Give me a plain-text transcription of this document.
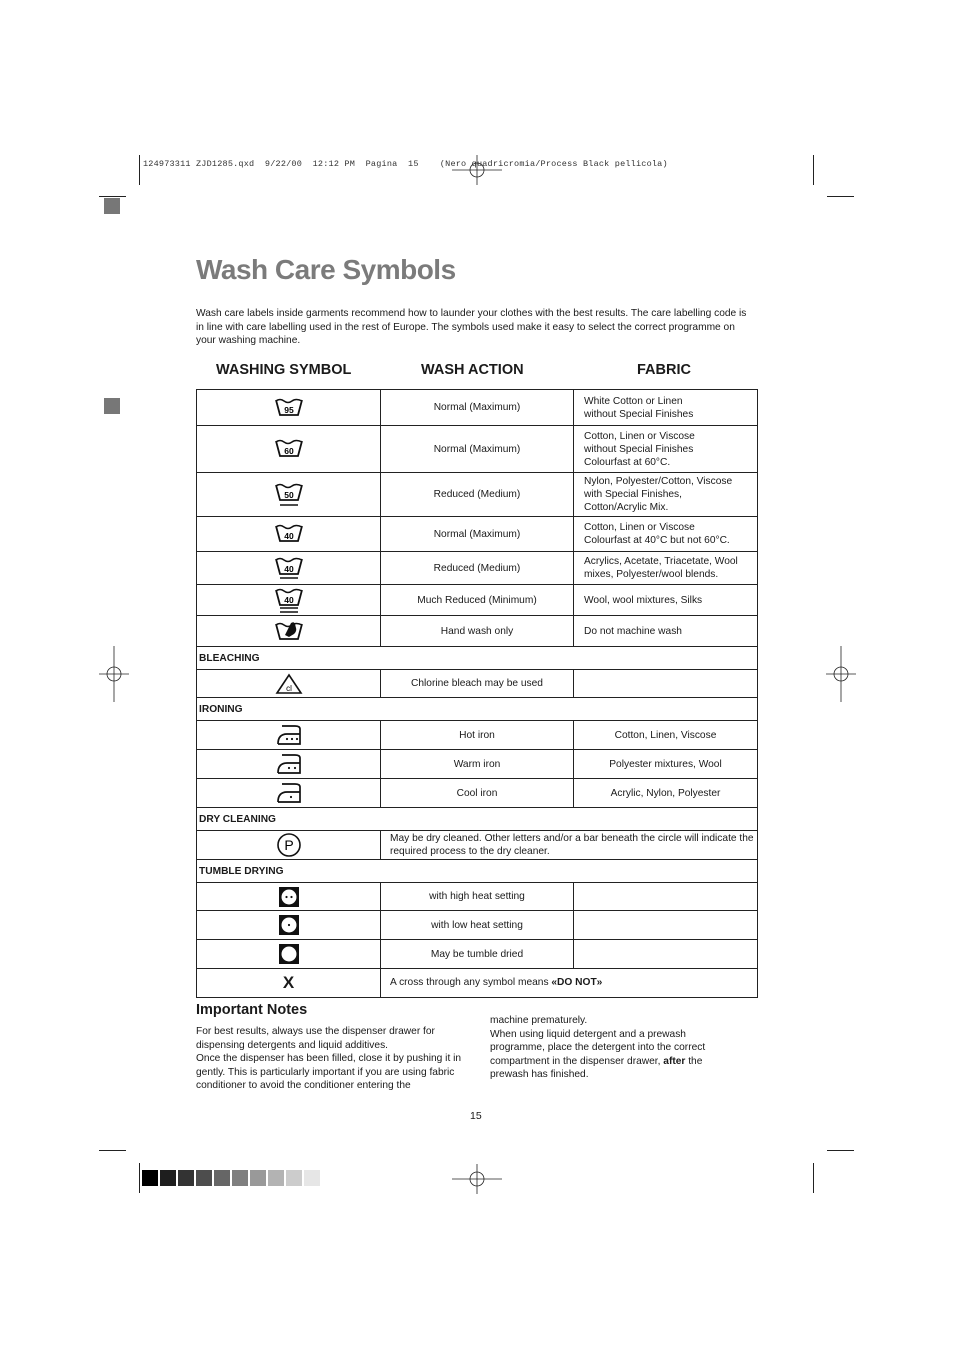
124973311 ZJD1285.qxd  9/22/00  12:12 PM  Pagina  15    (Nero quadricromia/Process Black pellicola)
Wash Care Symbols
Wash care labels inside garments recommend how to launder your clothes with the best results. The care labelling code is in line with care labelling used in the rest of Europe. The symbols used make it easy to select the correct programme on your washing machine.
WASHING SYMBOL	WASH ACTION	FABRIC
95	Normal (Maximum)	White Cotton or Linen
without Special Finishes

60	Normal (Maximum)	Cotton, Linen or Viscose
without Special Finishes
Colourfast at 60°C.

50	Reduced (Medium)	Nylon, Polyester/Cotton, Viscose
with Special Finishes,
Cotton/Acrylic Mix.

40	Normal (Maximum)	Cotton, Linen or Viscose
Colourfast at 40°C but not 60°C.

40	Reduced (Medium)	Acrylics, Acetate, Triacetate, Wool
mixes, Polyester/wool blends.

40	Much Reduced (Minimum)	Wool, wool mixtures, Silks

	Hand wash only	Do not machine wash
BLEACHING		

cl	Chlorine bleach may be used	
IRONING		

	Hot iron	Cotton, Linen, Viscose

	Warm iron	Polyester mixtures, Wool

	Cool iron	Acrylic, Nylon, Polyester
DRY CLEANING		

P	May be dry cleaned. Other letters and/or a bar beneath the circle will indicate the required process to the dry cleaner.	
TUMBLE DRYING		

	with high heat setting	

	with low heat setting	

	May be tumble dried	
X	A cross through any symbol means «DO NOT»	
Important Notes
For best results, always use the dispenser drawer for dispensing detergents and liquid additives.
Once the dispenser has been filled, close it by pushing it in gently. This is particularly important if you are using fabric conditioner to avoid the conditioner entering the
machine prematurely.
When using liquid detergent and a prewash programme, place the detergent into the correct compartment in the dispenser drawer, after the prewash has finished.
15
